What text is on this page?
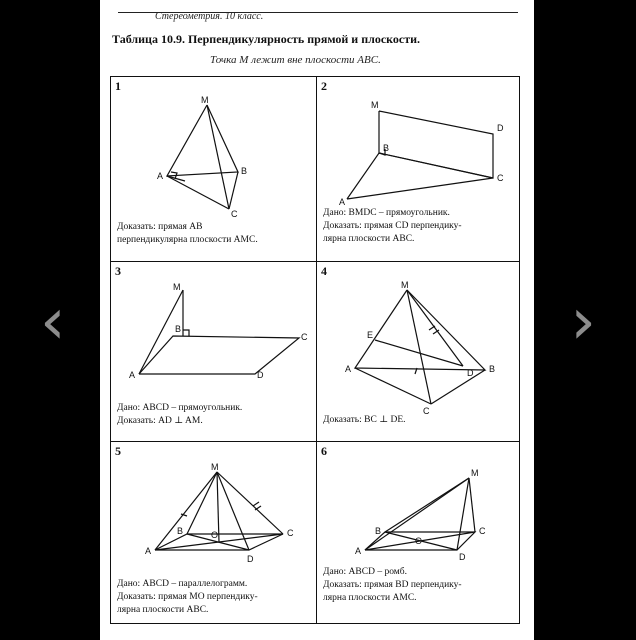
‹	›
Стереометрия. 10 класс.
Таблица 10.9. Перпендикулярность прямой и плоскости.
Точка M лежит вне плоскости ABC.
1
M
A	B
C
Доказать: прямая AB
перпендикулярна плоскости AMC.
2
M
B
D
C
A
Дано: BMDC – прямоугольник.
Доказать: прямая CD перпендику-
лярна плоскости ABC.
3
M
B
C
A	D
Дано: ABCD – прямоугольник.
Доказать: AD ⊥ AM.
4
M
E
A	B
D
C
Доказать: BC ⊥ DE.
5
M
B	O	C
A
D
Дано: ABCD – параллелограмм.
Доказать: прямая MO перпендику-
лярна плоскости ABC.
6
M
B	C
O
A
D
Дано: ABCD – ромб.
Доказать: прямая BD перпендику-
лярна плоскости AMC.
